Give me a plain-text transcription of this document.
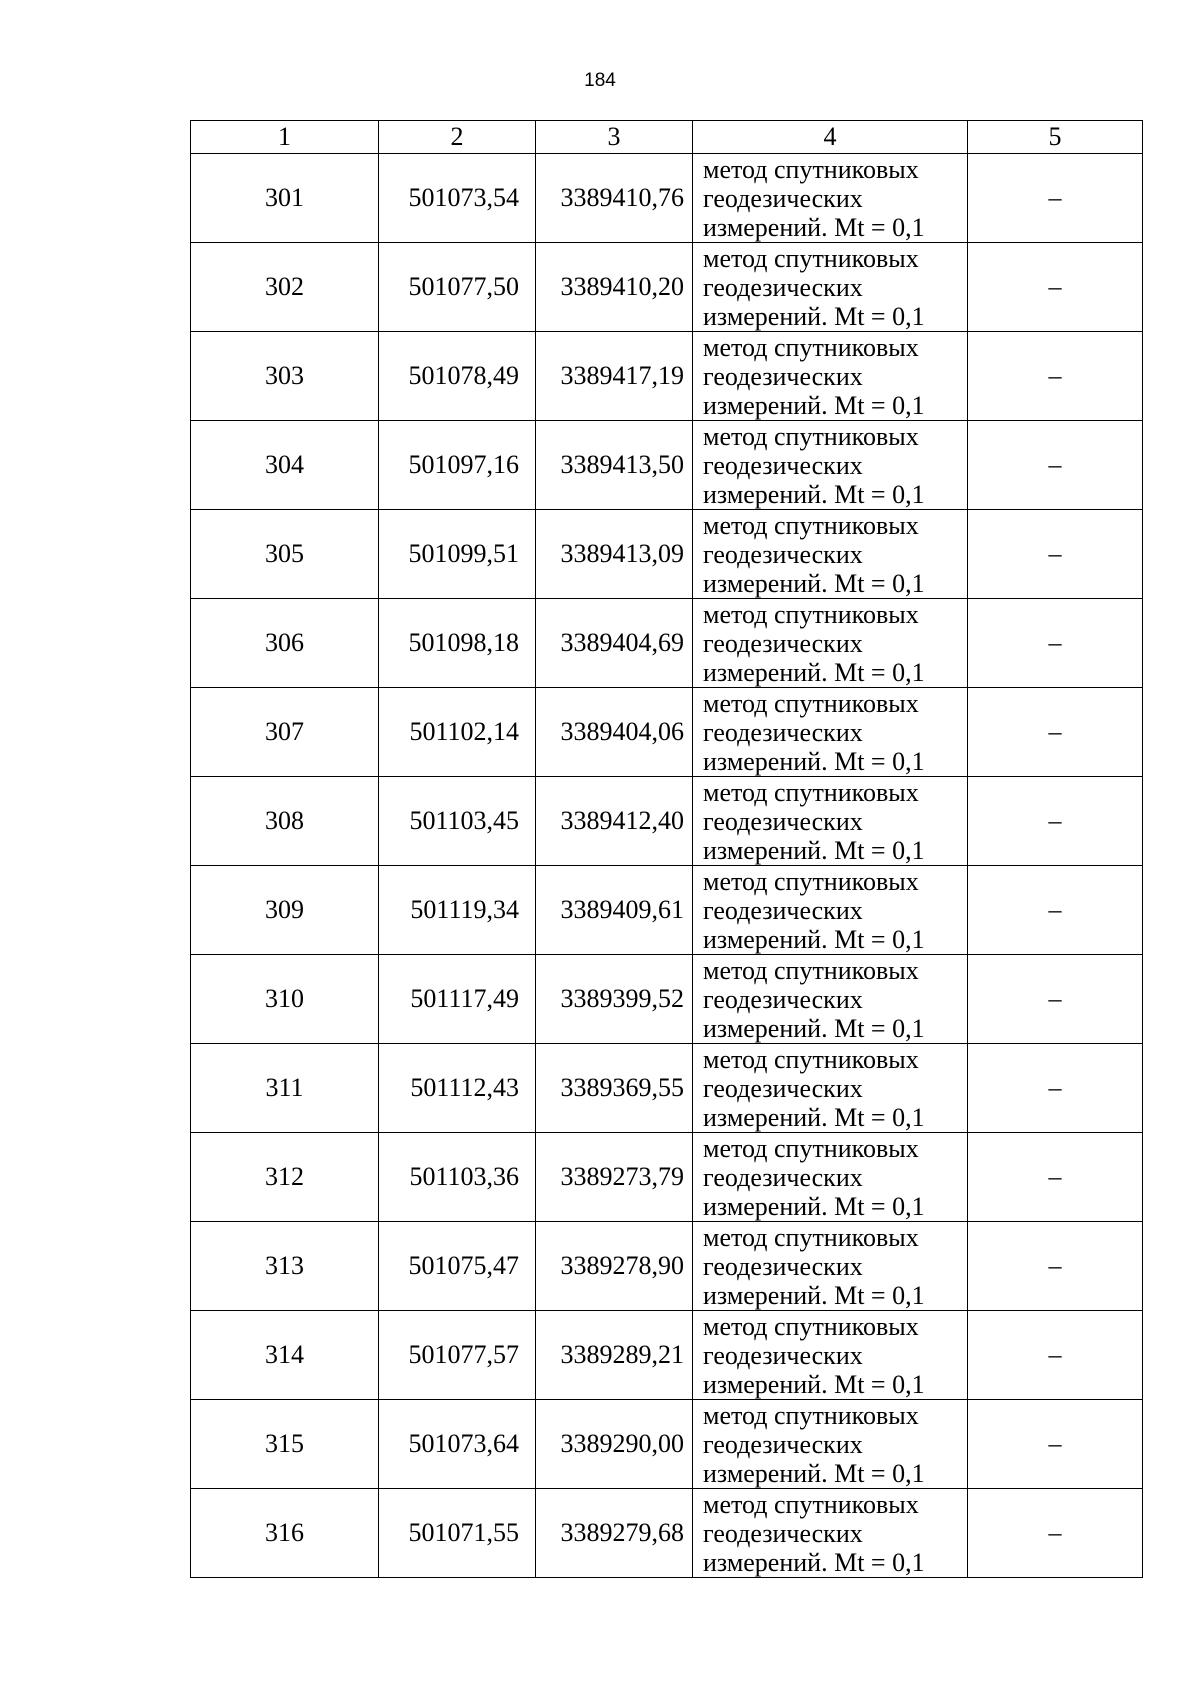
184
1	2	3	4	5
301	501073,54	3389410,76	метод спутниковых
геодезических
измерений. Mt = 0,1	–
302	501077,50	3389410,20	метод спутниковых
геодезических
измерений. Mt = 0,1	–
303	501078,49	3389417,19	метод спутниковых
геодезических
измерений. Mt = 0,1	–
304	501097,16	3389413,50	метод спутниковых
геодезических
измерений. Mt = 0,1	–
305	501099,51	3389413,09	метод спутниковых
геодезических
измерений. Mt = 0,1	–
306	501098,18	3389404,69	метод спутниковых
геодезических
измерений. Mt = 0,1	–
307	501102,14	3389404,06	метод спутниковых
геодезических
измерений. Mt = 0,1	–
308	501103,45	3389412,40	метод спутниковых
геодезических
измерений. Mt = 0,1	–
309	501119,34	3389409,61	метод спутниковых
геодезических
измерений. Mt = 0,1	–
310	501117,49	3389399,52	метод спутниковых
геодезических
измерений. Mt = 0,1	–
311	501112,43	3389369,55	метод спутниковых
геодезических
измерений. Mt = 0,1	–
312	501103,36	3389273,79	метод спутниковых
геодезических
измерений. Mt = 0,1	–
313	501075,47	3389278,90	метод спутниковых
геодезических
измерений. Mt = 0,1	–
314	501077,57	3389289,21	метод спутниковых
геодезических
измерений. Mt = 0,1	–
315	501073,64	3389290,00	метод спутниковых
геодезических
измерений. Mt = 0,1	–
316	501071,55	3389279,68	метод спутниковых
геодезических
измерений. Mt = 0,1	–
